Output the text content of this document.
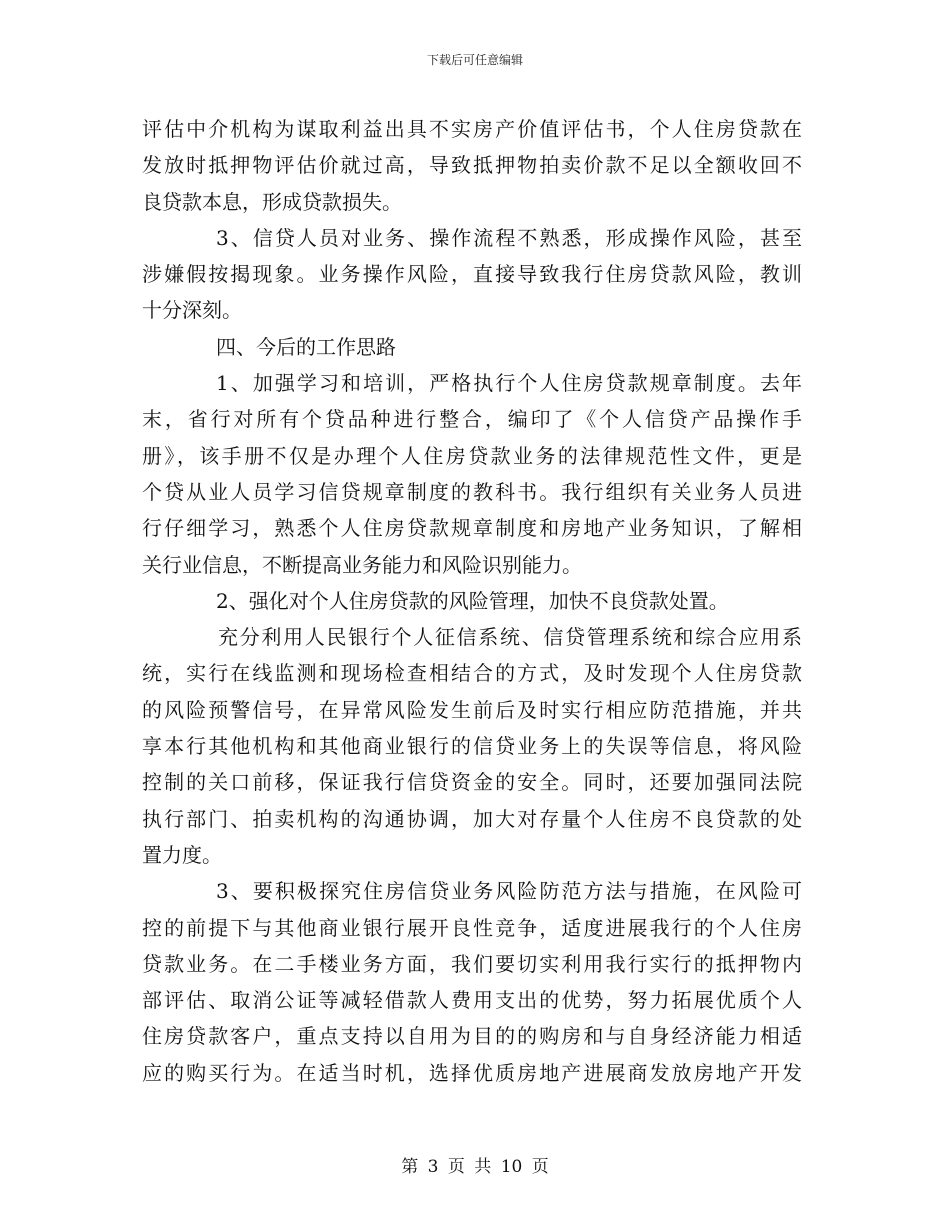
下载后可任意编辑
评估中介机构为谋取利益出具不实房产价值评估书，个人住房贷款在
发放时抵押物评估价就过高，导致抵押物拍卖价款不足以全额收回不
良贷款本息，形成贷款损失。
3、信贷人员对业务、操作流程不熟悉，形成操作风险，甚至
涉嫌假按揭现象。业务操作风险，直接导致我行住房贷款风险，教训
十分深刻。
四、今后的工作思路
1、加强学习和培训，严格执行个人住房贷款规章制度。去年
末，省行对所有个贷品种进行整合，编印了《个人信贷产品操作手
册》，该手册不仅是办理个人住房贷款业务的法律规范性文件，更是
个贷从业人员学习信贷规章制度的教科书。我行组织有关业务人员进
行仔细学习，熟悉个人住房贷款规章制度和房地产业务知识，了解相
关行业信息，不断提高业务能力和风险识别能力。
2、强化对个人住房贷款的风险管理，加快不良贷款处置。
充分利用人民银行个人征信系统、信贷管理系统和综合应用系
统，实行在线监测和现场检查相结合的方式，及时发现个人住房贷款
的风险预警信号，在异常风险发生前后及时实行相应防范措施，并共
享本行其他机构和其他商业银行的信贷业务上的失误等信息，将风险
控制的关口前移，保证我行信贷资金的安全。同时，还要加强同法院
执行部门、拍卖机构的沟通协调，加大对存量个人住房不良贷款的处
置力度。
3、要积极探究住房信贷业务风险防范方法与措施，在风险可
控的前提下与其他商业银行展开良性竞争，适度进展我行的个人住房
贷款业务。在二手楼业务方面，我们要切实利用我行实行的抵押物内
部评估、取消公证等减轻借款人费用支出的优势，努力拓展优质个人
住房贷款客户，重点支持以自用为目的的购房和与自身经济能力相适
应的购买行为。在适当时机，选择优质房地产进展商发放房地产开发
第 3 页 共 10 页
